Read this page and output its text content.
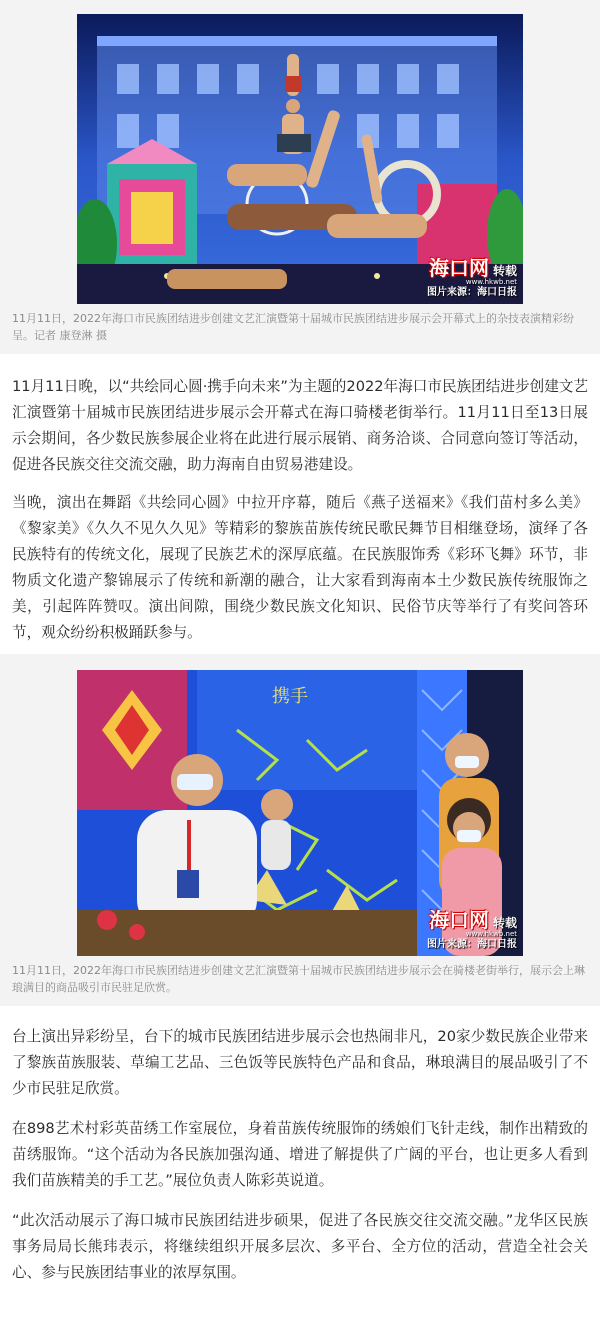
海口网 转载
www.hkwb.net
图片来源：海口日报

11月11日，2022年海口市民族团结进步创建文艺汇演暨第十届城市民族团结进步展示会开幕式上的杂技表演精彩纷呈。记者 康登淋 摄

11月11日晚，以“共绘同心圆·携手向未来”为主题的2022年海口市民族团结进步创建文艺汇演暨第十届城市民族团结进步展示会开幕式在海口骑楼老街举行。11月11日至13日展示会期间，各少数民族参展企业将在此进行展示展销、商务洽谈、合同意向签订等活动，促进各民族交往交流交融，助力海南自由贸易港建设。

当晚，演出在舞蹈《共绘同心圆》中拉开序幕，随后《燕子送福来》《我们苗村多么美》《黎家美》《久久不见久久见》等精彩的黎族苗族传统民歌民舞节目相继登场，演绎了各民族特有的传统文化，展现了民族艺术的深厚底蕴。在民族服饰秀《彩环飞舞》环节，非物质文化遗产黎锦展示了传统和新潮的融合，让大家看到海南本土少数民族传统服饰之美，引起阵阵赞叹。演出间隙，围绕少数民族文化知识、民俗节庆等举行了有奖问答环节，观众纷纷积极踊跃参与。

携手
海口网 转载
www.hkwb.net
图片来源：海口日报

11月11日，2022年海口市民族团结进步创建文艺汇演暨第十届城市民族团结进步展示会在骑楼老街举行，展示会上琳琅满目的商品吸引市民驻足欣赏。

台上演出异彩纷呈，台下的城市民族团结进步展示会也热闹非凡，20家少数民族企业带来了黎族苗族服装、草编工艺品、三色饭等民族特色产品和食品，琳琅满目的展品吸引了不少市民驻足欣赏。

在898艺术村彩英苗绣工作室展位，身着苗族传统服饰的绣娘们飞针走线，制作出精致的苗绣服饰。“这个活动为各民族加强沟通、增进了解提供了广阔的平台，也让更多人看到我们苗族精美的手工艺。”展位负责人陈彩英说道。

“此次活动展示了海口城市民族团结进步硕果，促进了各民族交往交流交融。”龙华区民族事务局局长熊玮表示，将继续组织开展多层次、多平台、全方位的活动，营造全社会关心、参与民族团结事业的浓厚氛围。
